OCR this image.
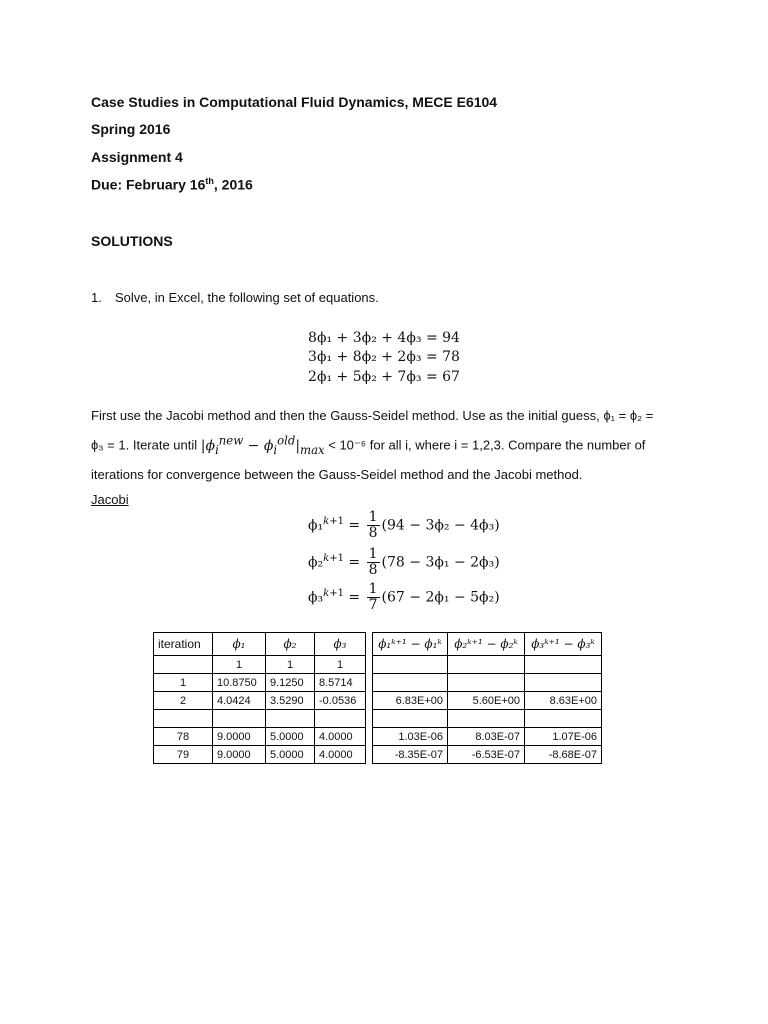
Case Studies in Computational Fluid Dynamics, MECE E6104
Spring 2016
Assignment 4
Due: February 16th, 2016
SOLUTIONS
1. Solve, in Excel, the following set of equations.
8ϕ₁ + 3ϕ₂ + 4ϕ₃ = 94
3ϕ₁ + 8ϕ₂ + 2ϕ₃ = 78
2ϕ₁ + 5ϕ₂ + 7ϕ₃ = 67
First use the Jacobi method and then the Gauss-Seidel method. Use as the initial guess, ϕ₁ = ϕ₂ =
ϕ₃ = 1. Iterate until $|\phi_i^{new} - \phi_i^{old}|_{max} < 10^{-6}$ for all i, where i = 1,2,3. Compare the number of
iterations for convergence between the Gauss-Seidel method and the Jacobi method.
Jacobi
$\phi_1^{k+1} = \frac{1}{8} (94 - 3\phi_2 - 4\phi_3)$
$\phi_2^{k+1} = \frac{1}{8} (78 - 3\phi_1 - 2\phi_3)$
$\phi_3^{k+1} = \frac{1}{7} (67 - 2\phi_1 - 5\phi_2)$
iteration	ϕ₁	ϕ₂	ϕ₃		ϕ₁ᵏ⁺¹ − ϕ₁ᵏ	ϕ₂ᵏ⁺¹ − ϕ₂ᵏ	ϕ₃ᵏ⁺¹ − ϕ₃ᵏ
	1	1	1				
1	10.8750	9.1250	8.5714				
2	4.0424	3.5290	-0.0536		6.83E+00	5.60E+00	8.63E+00

78	9.0000	5.0000	4.0000		1.03E-06	8.03E-07	1.07E-06
79	9.0000	5.0000	4.0000		-8.35E-07	-6.53E-07	-8.68E-07
